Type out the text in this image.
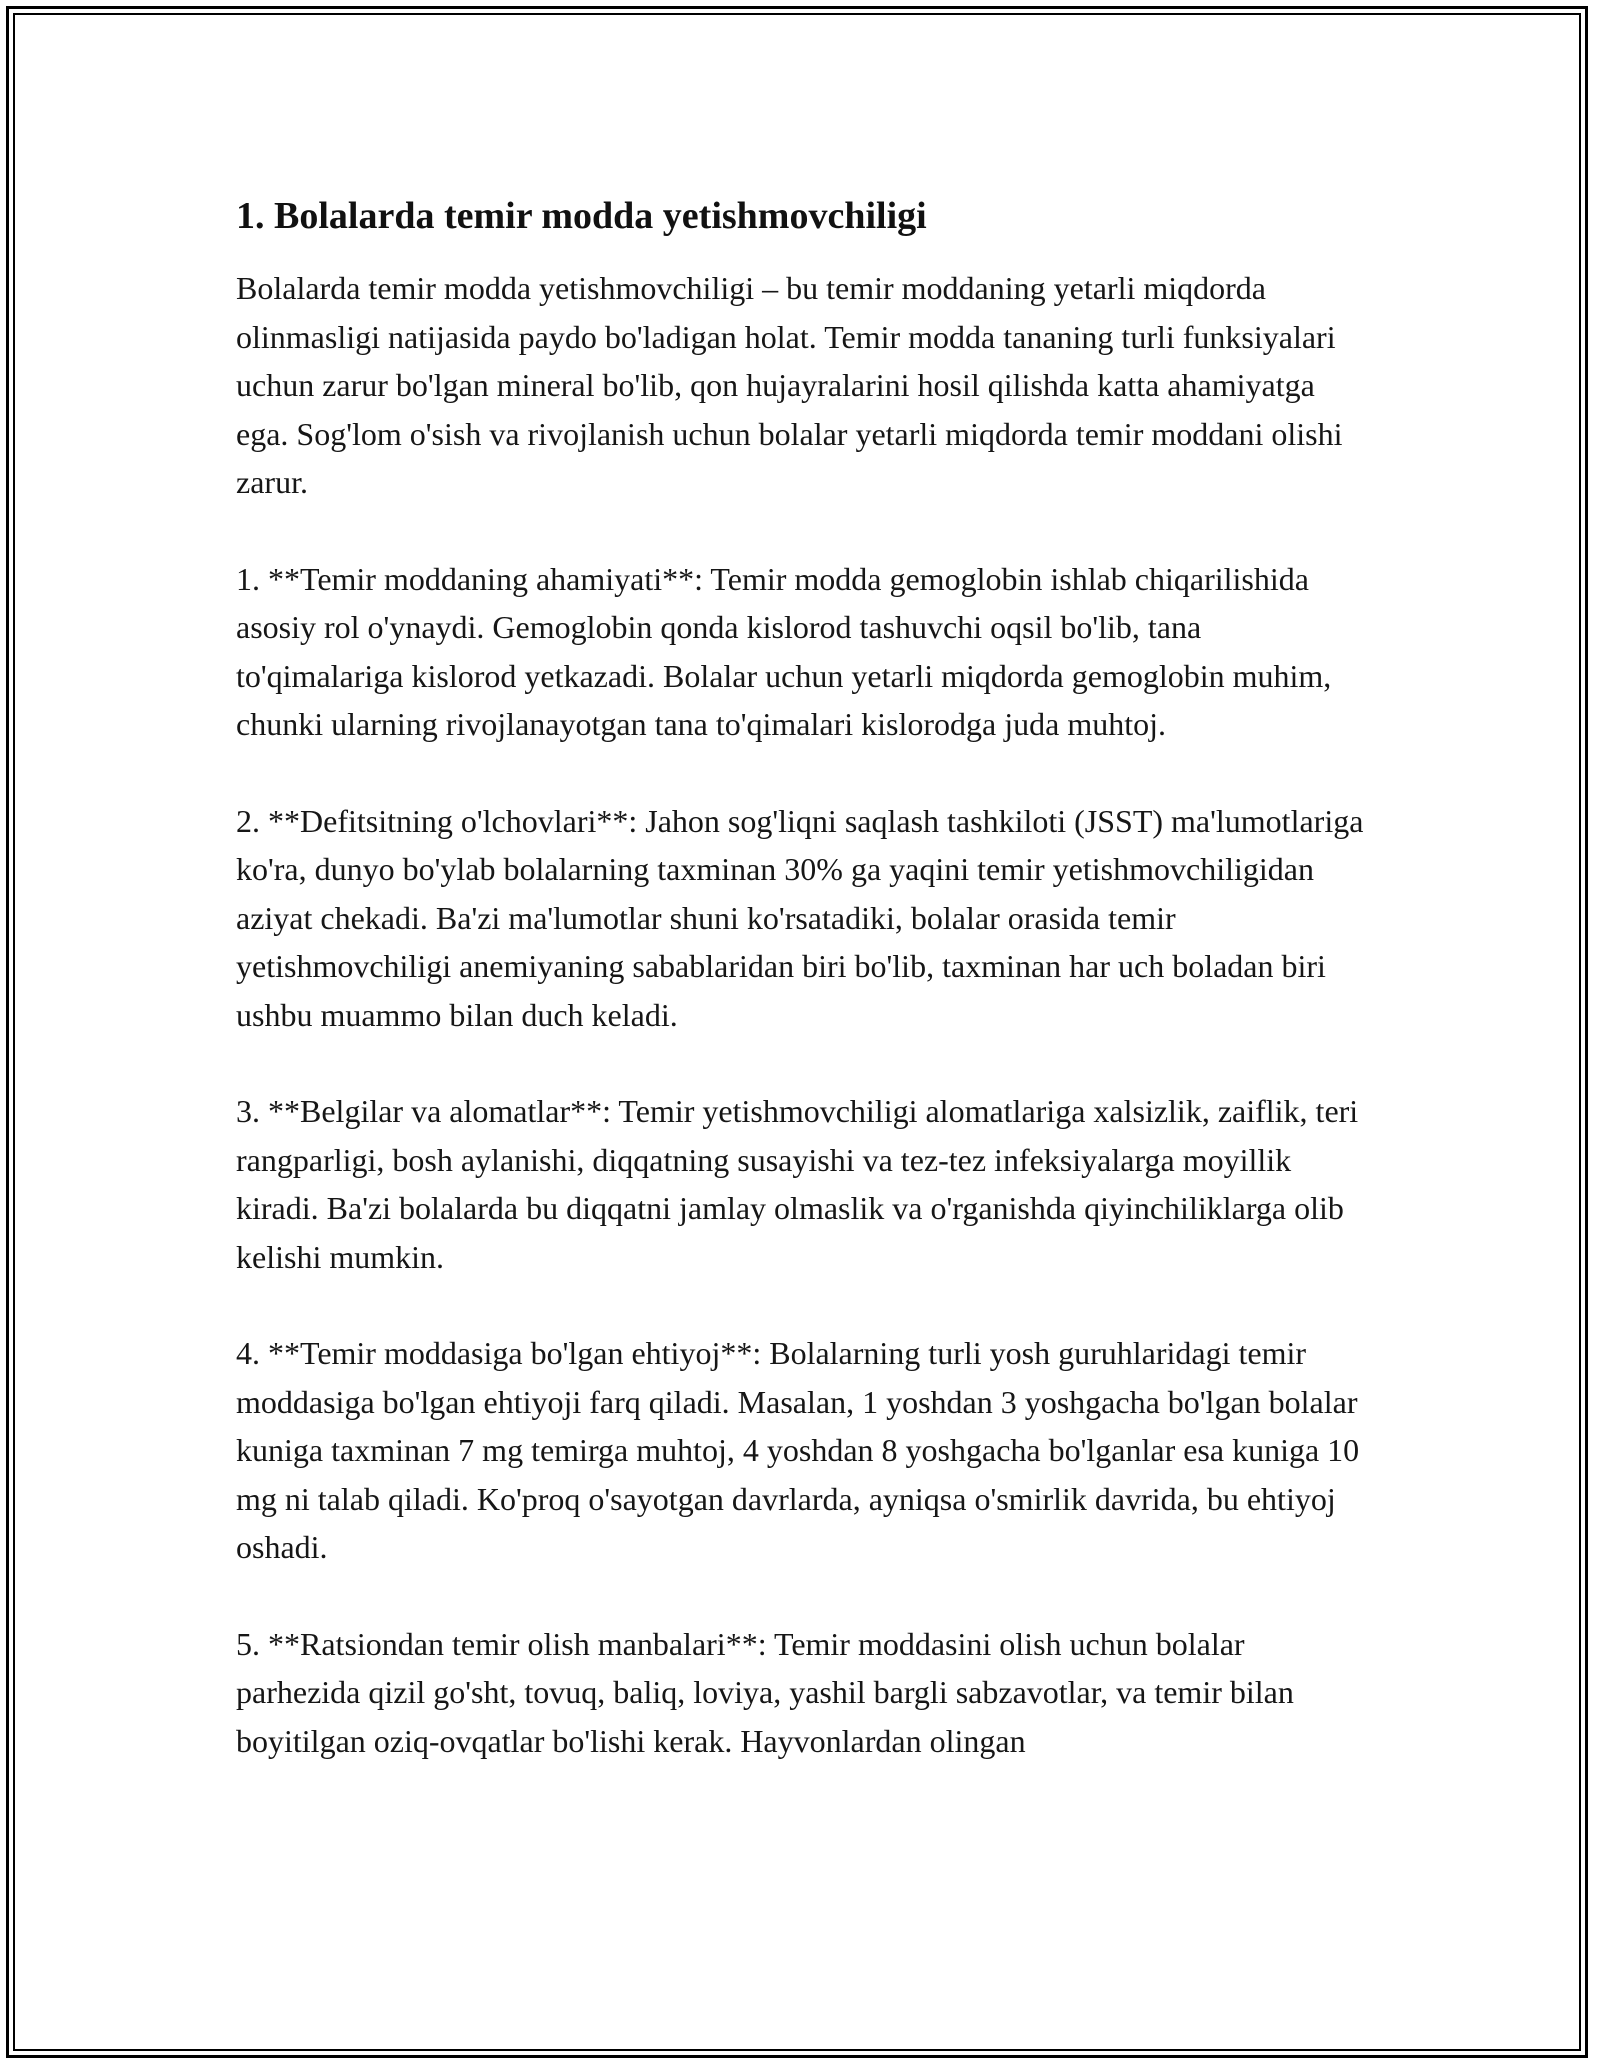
1. Bolalarda temir modda yetishmovchiligi

Bolalarda temir modda yetishmovchiligi – bu temir moddaning yetarli miqdorda olinmasligi natijasida paydo bo'ladigan holat. Temir modda tananing turli funksiyalari uchun zarur bo'lgan mineral bo'lib, qon hujayralarini hosil qilishda katta ahamiyatga ega. Sog'lom o'sish va rivojlanish uchun bolalar yetarli miqdorda temir moddani olishi zarur.

1. **Temir moddaning ahamiyati**: Temir modda gemoglobin ishlab chiqarilishida asosiy rol o'ynaydi. Gemoglobin qonda kislorod tashuvchi oqsil bo'lib, tana to'qimalariga kislorod yetkazadi. Bolalar uchun yetarli miqdorda gemoglobin muhim, chunki ularning rivojlanayotgan tana to'qimalari kislorodga juda muhtoj.

2. **Defitsitning o'lchovlari**: Jahon sog'liqni saqlash tashkiloti (JSST) ma'lumotlariga ko'ra, dunyo bo'ylab bolalarning taxminan 30% ga yaqini temir yetishmovchiligidan aziyat chekadi. Ba'zi ma'lumotlar shuni ko'rsatadiki, bolalar orasida temir yetishmovchiligi anemiyaning sabablaridan biri bo'lib, taxminan har uch boladan biri ushbu muammo bilan duch keladi.

3. **Belgilar va alomatlar**: Temir yetishmovchiligi alomatlariga xalsizlik, zaiflik, teri rangparligi, bosh aylanishi, diqqatning susayishi va tez-tez infeksiyalarga moyillik kiradi. Ba'zi bolalarda bu diqqatni jamlay olmaslik va o'rganishda qiyinchiliklarga olib kelishi mumkin.

4. **Temir moddasiga bo'lgan ehtiyoj**: Bolalarning turli yosh guruhlaridagi temir moddasiga bo'lgan ehtiyoji farq qiladi. Masalan, 1 yoshdan 3 yoshgacha bo'lgan bolalar kuniga taxminan 7 mg temirga muhtoj, 4 yoshdan 8 yoshgacha bo'lganlar esa kuniga 10 mg ni talab qiladi. Ko'proq o'sayotgan davrlarda, ayniqsa o'smirlik davrida, bu ehtiyoj oshadi.

5. **Ratsiondan temir olish manbalari**: Temir moddasini olish uchun bolalar parhezida qizil go'sht, tovuq, baliq, loviya, yashil bargli sabzavotlar, va temir bilan boyitilgan oziq-ovqatlar bo'lishi kerak. Hayvonlardan olingan
